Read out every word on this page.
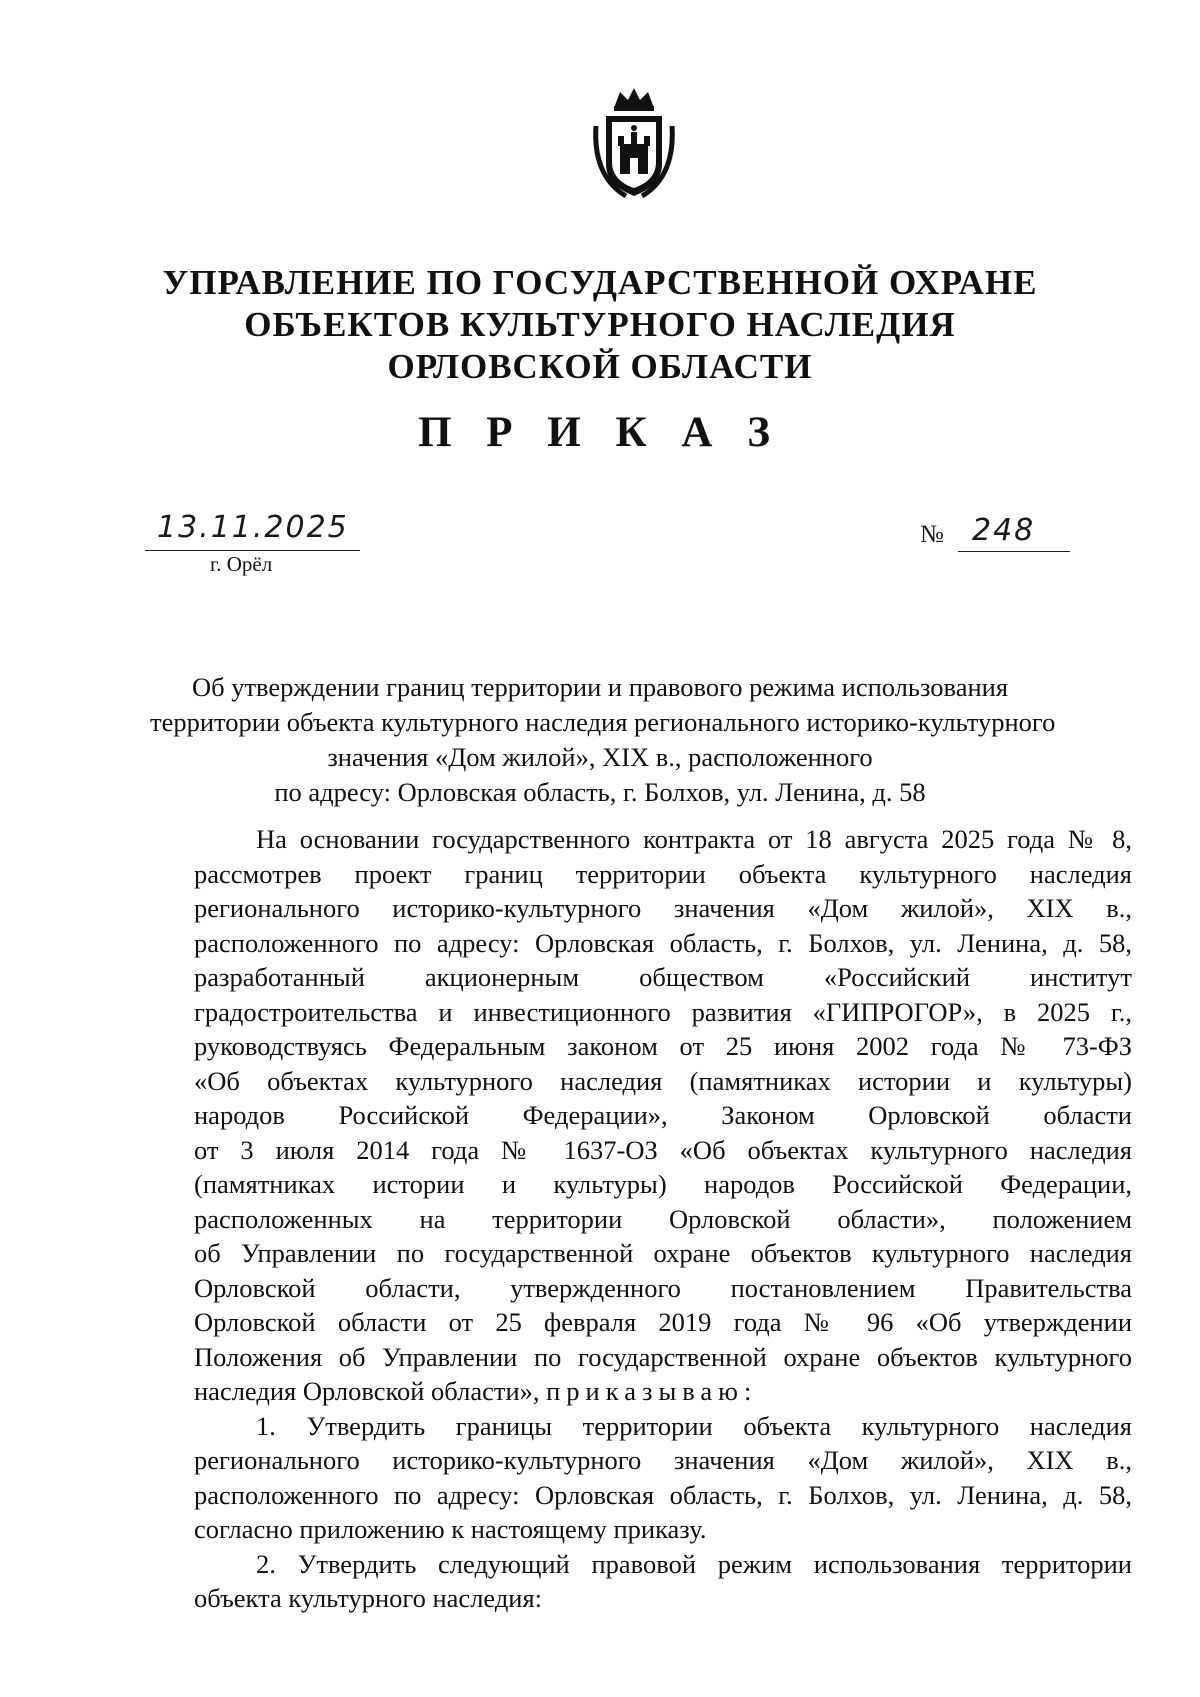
УПРАВЛЕНИЕ ПО ГОСУДАРСТВЕННОЙ ОХРАНЕ
ОБЪЕКТОВ КУЛЬТУРНОГО НАСЛЕДИЯ
ОРЛОВСКОЙ ОБЛАСТИ
П Р И К А З
13.11.2025
г. Орёл
№ 248
Об утверждении границ территории и правового режима использования
территории объекта культурного наследия регионального историко-культурного
значения «Дом жилой», XIX в., расположенного
по адресу: Орловская область, г. Болхов, ул. Ленина, д. 58
На основании государственного контракта от 18 августа 2025 года № 8,
рассмотрев проект границ территории объекта культурного наследия
регионального историко-культурного значения «Дом жилой», XIX в.,
расположенного по адресу: Орловская область, г. Болхов, ул. Ленина, д. 58,
разработанный акционерным обществом «Российский институт
градостроительства и инвестиционного развития «ГИПРОГОР», в 2025 г.,
руководствуясь Федеральным законом от 25 июня 2002 года № 73-ФЗ
«Об объектах культурного наследия (памятниках истории и культуры)
народов Российской Федерации», Законом Орловской области
от 3 июля 2014 года № 1637-ОЗ «Об объектах культурного наследия
(памятниках истории и культуры) народов Российской Федерации,
расположенных на территории Орловской области», положением
об Управлении по государственной охране объектов культурного наследия
Орловской области, утвержденного постановлением Правительства
Орловской области от 25 февраля 2019 года № 96 «Об утверждении
Положения об Управлении по государственной охране объектов культурного
наследия Орловской области», приказываю:
1. Утвердить границы территории объекта культурного наследия
регионального историко-культурного значения «Дом жилой», XIX в.,
расположенного по адресу: Орловская область, г. Болхов, ул. Ленина, д. 58,
согласно приложению к настоящему приказу.
2. Утвердить следующий правовой режим использования территории
объекта культурного наследия:
